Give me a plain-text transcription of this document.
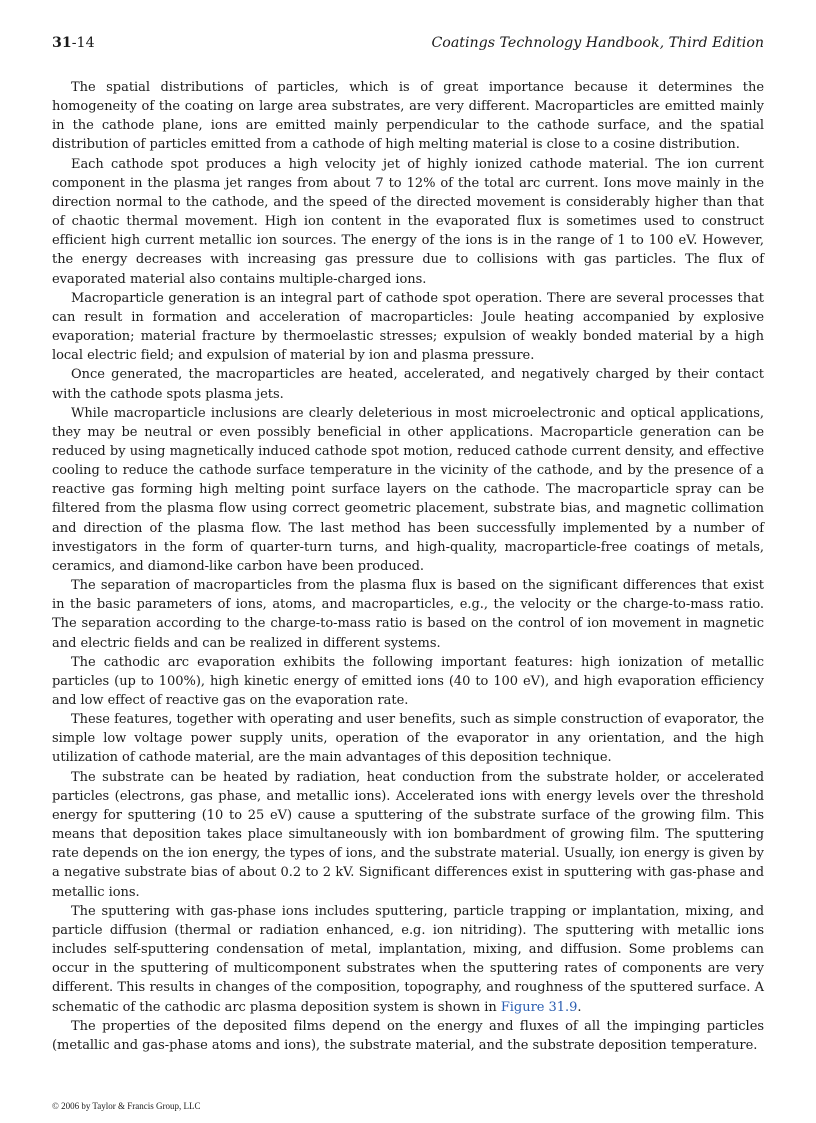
31-14	Coatings Technology Handbook, Third Edition

The spatial distributions of particles, which is of great importance because it determines the homogeneity of the coating on large area substrates, are very different. Macroparticles are emitted mainly in the cathode plane, ions are emitted mainly perpendicular to the cathode surface, and the spatial distribution of particles emitted from a cathode of high melting material is close to a cosine distribution.

Each cathode spot produces a high velocity jet of highly ionized cathode material. The ion current component in the plasma jet ranges from about 7 to 12% of the total arc current. Ions move mainly in the direction normal to the cathode, and the speed of the directed movement is considerably higher than that of chaotic thermal movement. High ion content in the evaporated flux is sometimes used to construct efficient high current metallic ion sources. The energy of the ions is in the range of 1 to 100 eV. However, the energy decreases with increasing gas pressure due to collisions with gas particles. The flux of evaporated material also contains multiple-charged ions.

Macroparticle generation is an integral part of cathode spot operation. There are several processes that can result in formation and acceleration of macroparticles: Joule heating accompanied by explosive evaporation; material fracture by thermoelastic stresses; expulsion of weakly bonded material by a high local electric field; and expulsion of material by ion and plasma pressure.

Once generated, the macroparticles are heated, accelerated, and negatively charged by their contact with the cathode spots plasma jets.

While macroparticle inclusions are clearly deleterious in most microelectronic and optical applications, they may be neutral or even possibly beneficial in other applications. Macroparticle generation can be reduced by using magnetically induced cathode spot motion, reduced cathode current density, and effective cooling to reduce the cathode surface temperature in the vicinity of the cathode, and by the presence of a reactive gas forming high melting point surface layers on the cathode. The macroparticle spray can be filtered from the plasma flow using correct geometric placement, substrate bias, and magnetic collimation and direction of the plasma flow. The last method has been successfully implemented by a number of investigators in the form of quarter-turn turns, and high-quality, macroparticle-free coatings of metals, ceramics, and diamond-like carbon have been produced.

The separation of macroparticles from the plasma flux is based on the significant differences that exist in the basic parameters of ions, atoms, and macroparticles, e.g., the velocity or the charge-to-mass ratio. The separation according to the charge-to-mass ratio is based on the control of ion movement in magnetic and electric fields and can be realized in different systems.

The cathodic arc evaporation exhibits the following important features: high ionization of metallic particles (up to 100%), high kinetic energy of emitted ions (40 to 100 eV), and high evaporation efficiency and low effect of reactive gas on the evaporation rate.

These features, together with operating and user benefits, such as simple construction of evaporator, the simple low voltage power supply units, operation of the evaporator in any orientation, and the high utilization of cathode material, are the main advantages of this deposition technique.

The substrate can be heated by radiation, heat conduction from the substrate holder, or accelerated particles (electrons, gas phase, and metallic ions). Accelerated ions with energy levels over the threshold energy for sputtering (10 to 25 eV) cause a sputtering of the substrate surface of the growing film. This means that deposition takes place simultaneously with ion bombardment of growing film. The sputtering rate depends on the ion energy, the types of ions, and the substrate material. Usually, ion energy is given by a negative substrate bias of about 0.2 to 2 kV. Significant differences exist in sputtering with gas-phase and metallic ions.

The sputtering with gas-phase ions includes sputtering, particle trapping or implantation, mixing, and particle diffusion (thermal or radiation enhanced, e.g. ion nitriding). The sputtering with metallic ions includes self-sputtering condensation of metal, implantation, mixing, and diffusion. Some problems can occur in the sputtering of multicomponent substrates when the sputtering rates of components are very different. This results in changes of the composition, topography, and roughness of the sputtered surface. A schematic of the cathodic arc plasma deposition system is shown in Figure 31.9.

The properties of the deposited films depend on the energy and fluxes of all the impinging particles (metallic and gas-phase atoms and ions), the substrate material, and the substrate deposition temperature.

© 2006 by Taylor & Francis Group, LLC
